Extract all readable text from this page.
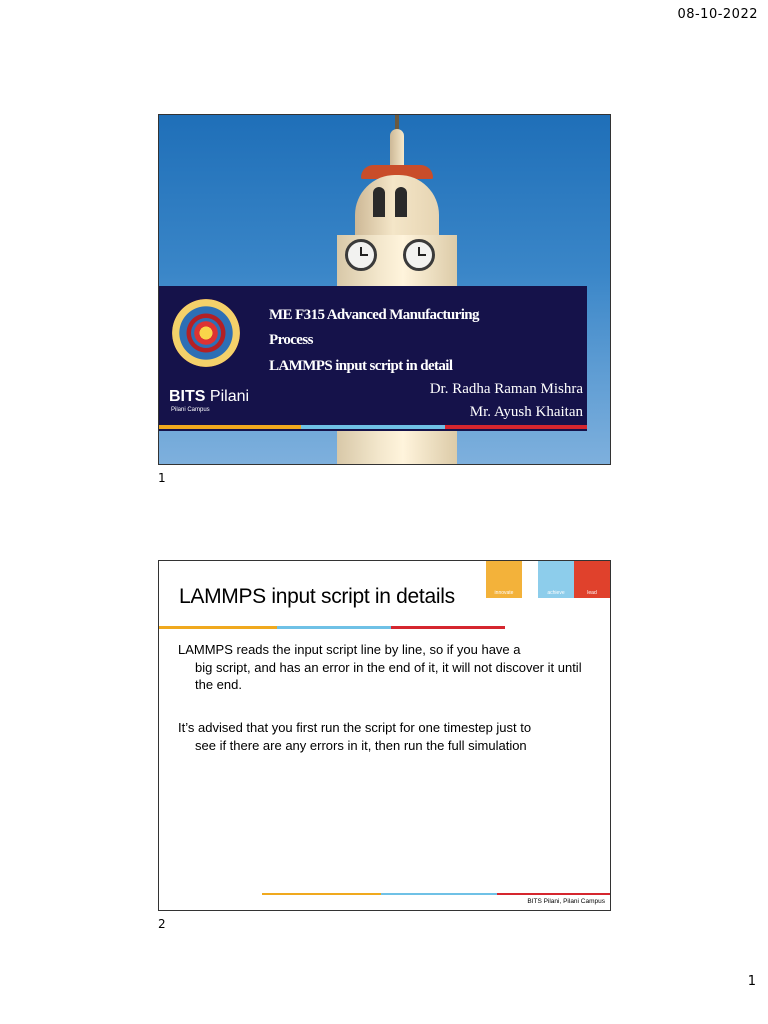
08-10-2022
BITS Pilani
Pilani Campus
ME F315 Advanced Manufacturing
Process
LAMMPS input script in detail
Dr. Radha Raman Mishra
Mr. Ayush Khaitan
1
LAMMPS input script in details	innovate	achieve	lead
LAMMPS reads the input script line by line, so if you have a
big script, and has an error in the end of it, it will not discover it until the end.
It’s advised that you first run the script for one timestep just to
see if there are any errors in it, then run the full simulation
BITS Pilani, Pilani Campus
2
1
